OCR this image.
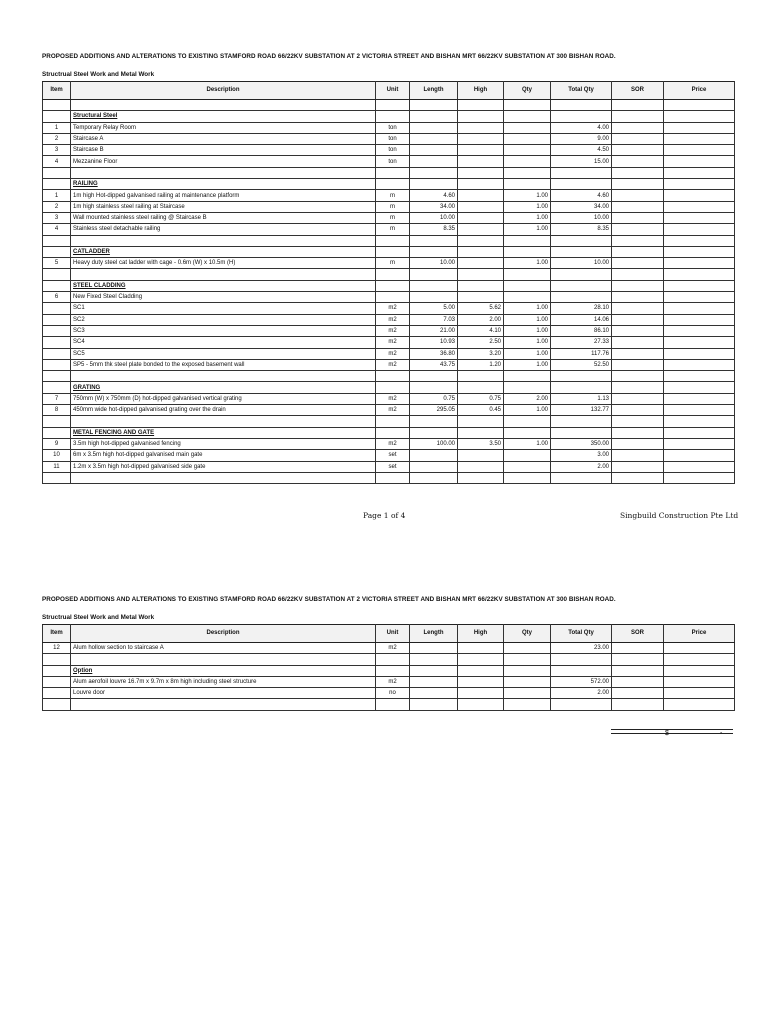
PROPOSED ADDITIONS AND ALTERATIONS TO EXISTING STAMFORD ROAD 66/22KV SUBSTATION AT 2 VICTORIA STREET AND BISHAN MRT 66/22KV SUBSTATION AT 300 BISHAN ROAD.
Structrual Steel Work and Metal Work
Item	Description	Unit	Length	High	Qty	Total Qty	SOR	Price

	Structural Steel							
1	Temporary Relay Room	ton				4.00		
2	Staircase A	ton				9.00		
3	Staircase B	ton				4.50		
4	Mezzanine Floor	ton				15.00		

	RAILING							
1	1m high Hot-dipped galvanised railing at maintenance platform	m	4.60		1.00	4.60		
2	1m high stainless steel railing at Staircase	m	34.00		1.00	34.00		
3	Wall mounted stainless steel railing @ Staircase B	m	10.00		1.00	10.00		
4	Stainless steel detachable railing	m	8.35		1.00	8.35		

	CATLADDER							
5	Heavy duty steel cat ladder with cage - 0.6m (W) x 10.5m (H)	m	10.00		1.00	10.00		

	STEEL CLADDING							
6	New Fixed Steel Cladding							
	SC1	m2	5.00	5.62	1.00	28.10		
	SC2	m2	7.03	2.00	1.00	14.06		
	SC3	m2	21.00	4.10	1.00	86.10		
	SC4	m2	10.93	2.50	1.00	27.33		
	SC5	m2	36.80	3.20	1.00	117.76		
	SP5 - 5mm thk steel plate bonded to the exposed basement wall	m2	43.75	1.20	1.00	52.50		

	GRATING							
7	750mm (W) x 750mm (D) hot-dipped galvanised vertical grating	m2	0.75	0.75	2.00	1.13		
8	450mm wide hot-dipped galvanised grating over the drain	m2	295.05	0.45	1.00	132.77		

	METAL FENCING AND GATE							
9	3.5m high hot-dipped galvanised fencing	m2	100.00	3.50	1.00	350.00		
10	6m x 3.5m high hot-dipped galvanised main gate	set				3.00		
11	1.2m x 3.5m high hot-dipped galvanised side gate	set				2.00		

Page 1 of 4	Singbuild Construction Pte Ltd
PROPOSED ADDITIONS AND ALTERATIONS TO EXISTING STAMFORD ROAD 66/22KV SUBSTATION AT 2 VICTORIA STREET AND BISHAN MRT 66/22KV SUBSTATION AT 300 BISHAN ROAD.
Structrual Steel Work and Metal Work
Item	Description	Unit	Length	High	Qty	Total Qty	SOR	Price
12	Alum hollow section to staircase A	m2				23.00		

	Option							
	Alum aerofoil louvre 16.7m x 9.7m x 8m high including steel structure	m2				572.00		
	Louvre door	no				2.00		

$	-
